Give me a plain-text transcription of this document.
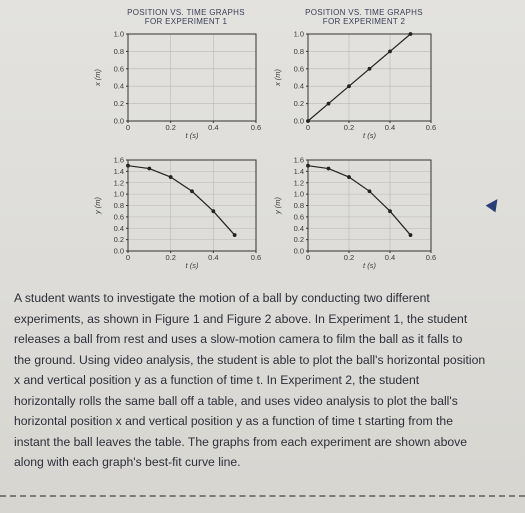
POSITION VS. TIME GRAPHS
FOR EXPERIMENT 1
POSITION VS. TIME GRAPHS
FOR EXPERIMENT 2
0.0
0.2
0.4
0.6
0.8
1.0
0	0.2	0.4	0.6
t (s)
x (m)
0.0
0.2
0.4
0.6
0.8
1.0
0	0.2	0.4	0.6
t (s)
x (m)
0.0
0.2
0.4
0.6
0.8
1.0
1.2
1.4
1.6
0	0.2	0.4	0.6
t (s)
y (m)
0.0
0.2
0.4
0.6
0.8
1.0
1.2
1.4
1.6
0	0.2	0.4	0.6
t (s)
y (m)

A student wants to investigate the motion of a ball by conducting two different

experiments, as shown in Figure 1 and Figure 2 above. In Experiment 1, the student

releases a ball from rest and uses a slow-motion camera to film the ball as it falls to

the ground. Using video analysis, the student is able to plot the ball's horizontal position

x and vertical position y as a function of time t. In Experiment 2, the student

horizontally rolls the same ball off a table, and uses video analysis to plot the ball's

horizontal position x and vertical position y as a function of time t starting from the

instant the ball leaves the table. The graphs from each experiment are shown above

along with each graph's best-fit curve line.
